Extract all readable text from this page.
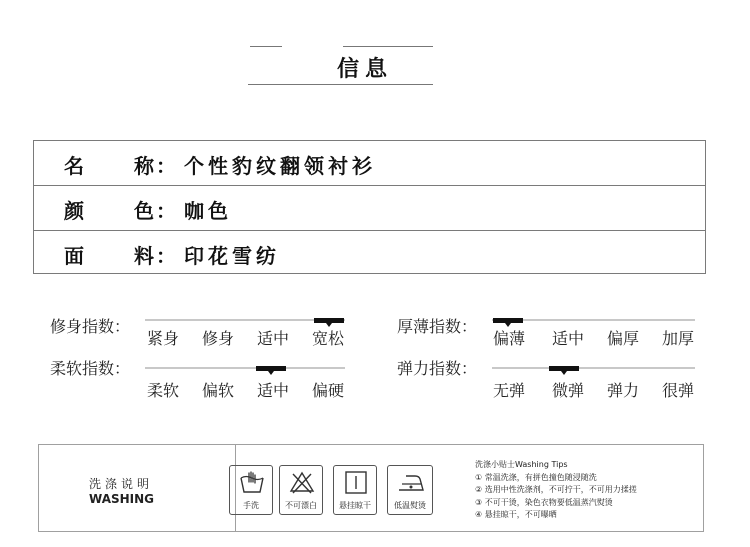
信息
名	称 ： 个性豹纹翻领衬衫
颜	色 ： 咖色
面	料 ： 印花雪纺
修身指数：
紧身 修身 适中 宽松
厚薄指数：
偏薄 适中 偏厚 加厚
柔软指数：
柔软 偏软 适中 偏硬
弹力指数：
无弹 微弹 弹力 很弹
洗涤说明
WASHING	手洗	不可漂白	悬挂晾干	低温熨烫
洗涤小贴士Washing Tips
① 常温洗涤，有拼色撞色随浸随洗
② 选用中性洗涤剂，不可拧干，不可用力揉搓
③ 不可干烫，染色衣物要低温蒸汽熨烫
④ 悬挂晾干，不可曝晒
